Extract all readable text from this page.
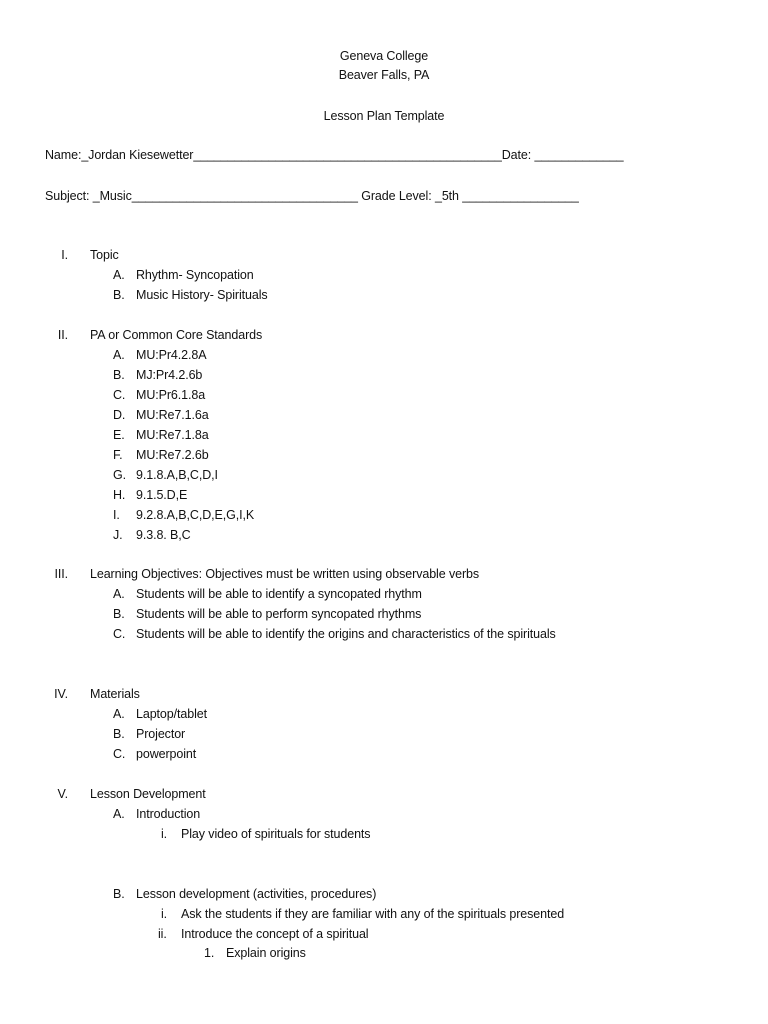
Geneva College
Beaver Falls, PA
Lesson Plan Template
Name:_Jordan Kiesewetter_____________________________________________Date: _____________
Subject: _Music_________________________________ Grade Level: _5th _________________
I. Topic
A. Rhythm- Syncopation
B. Music History- Spirituals
II. PA or Common Core Standards
A. MU:Pr4.2.8A
B. MJ:Pr4.2.6b
C. MU:Pr6.1.8a
D. MU:Re7.1.6a
E. MU:Re7.1.8a
F. MU:Re7.2.6b
G. 9.1.8.A,B,C,D,I
H. 9.1.5.D,E
I. 9.2.8.A,B,C,D,E,G,I,K
J. 9.3.8. B,C
III. Learning Objectives: Objectives must be written using observable verbs
A. Students will be able to identify a syncopated rhythm
B. Students will be able to perform syncopated rhythms
C. Students will be able to identify the origins and characteristics of the spirituals
IV. Materials
A. Laptop/tablet
B. Projector
C. powerpoint
V. Lesson Development
A. Introduction
i. Play video of spirituals for students
B. Lesson development (activities, procedures)
i. Ask the students if they are familiar with any of the spirituals presented
ii. Introduce the concept of a spiritual
1. Explain origins
